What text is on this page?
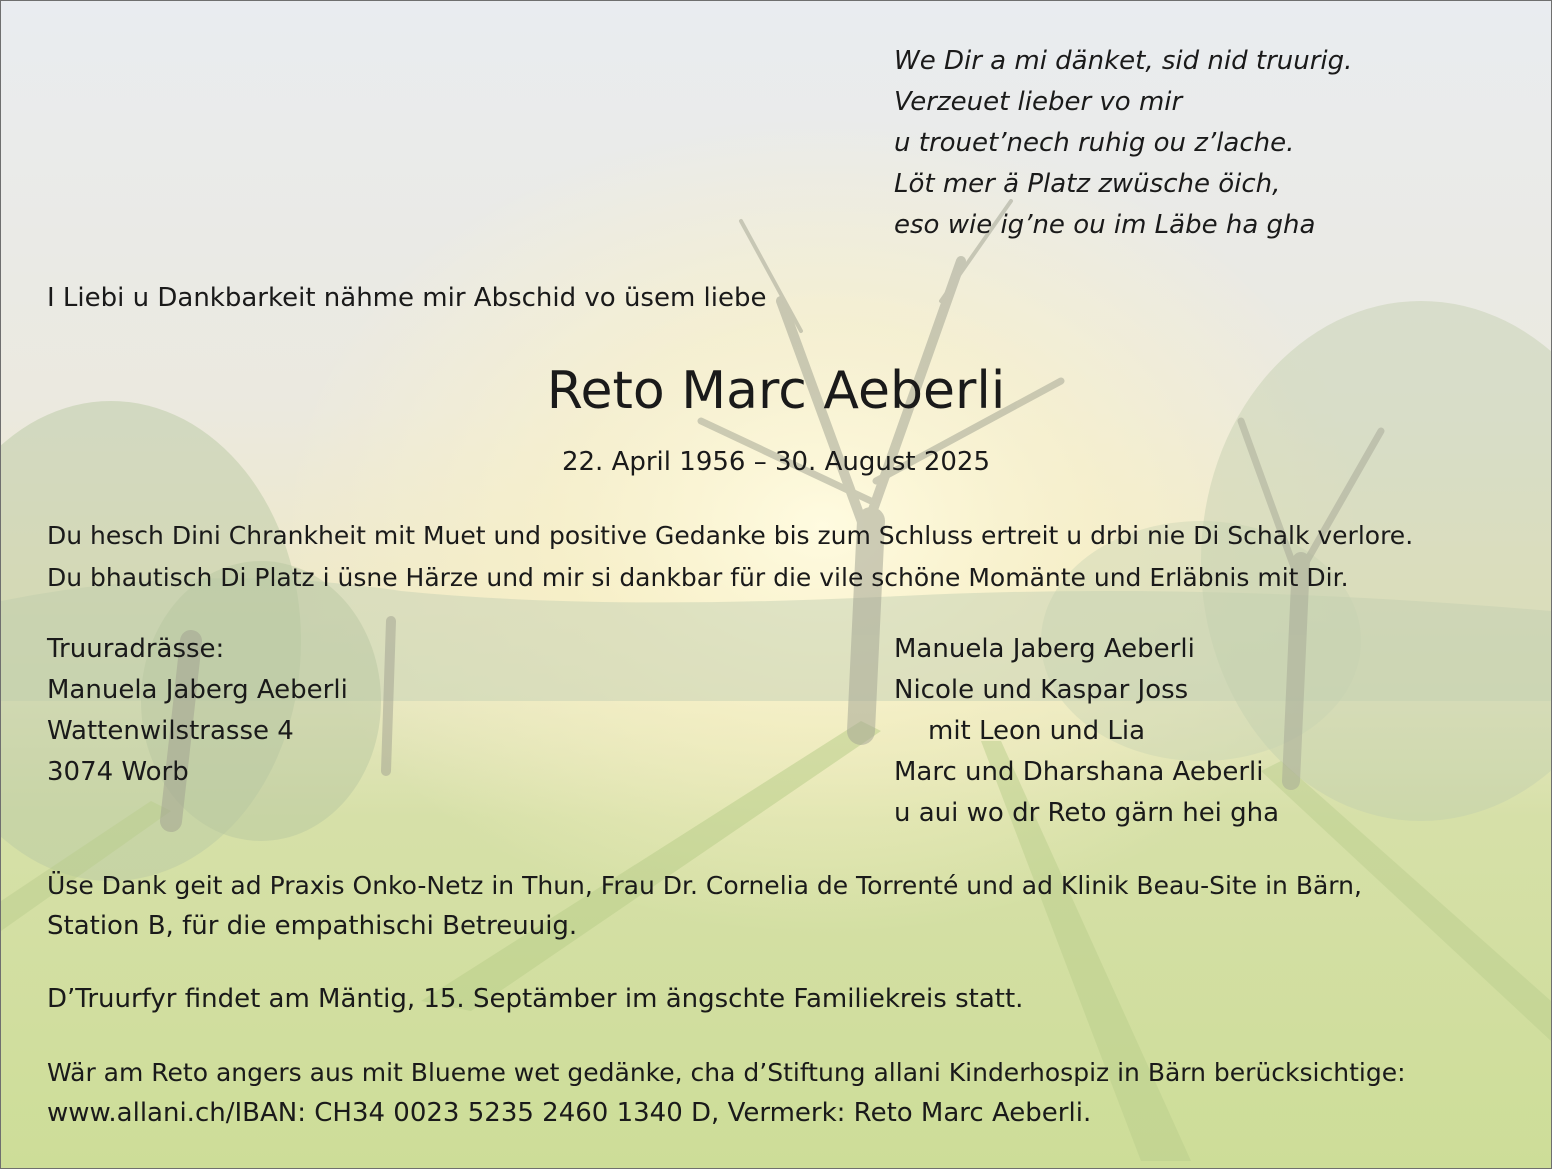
We Dir a mi dänket, sid nid truurig.
Verzeuet lieber vo mir
u trouet’nech ruhig ou z’lache.
Löt mer ä Platz zwüsche öich,
eso wie ig’ne ou im Läbe ha gha
I Liebi u Dankbarkeit nähme mir Abschid vo üsem liebe
Reto Marc Aeberli
22. April 1956 – 30. August 2025
Du hesch Dini Chrankheit mit Muet und positive Gedanke bis zum Schluss ertreit u drbi nie Di Schalk verlore.
Du bhautisch Di Platz i üsne Härze und mir si dankbar für die vile schöne Momänte und Erläbnis mit Dir.
Truuradrässe:
Manuela Jaberg Aeberli
Wattenwilstrasse 4
3074 Worb
Manuela Jaberg Aeberli
Nicole und Kaspar Joss
mit Leon und Lia
Marc und Dharshana Aeberli
u aui wo dr Reto gärn hei gha
Üse Dank geit ad Praxis Onko-Netz in Thun, Frau Dr. Cornelia de Torrenté und ad Klinik Beau-Site in Bärn,
Station B, für die empathischi Betreuuig.
D’Truurfyr findet am Mäntig, 15. Septämber im ängschte Familiekreis statt.
Wär am Reto angers aus mit Blueme wet gedänke, cha d’Stiftung allani Kinderhospiz in Bärn berücksichtige:
www.allani.ch/IBAN: CH34 0023 5235 2460 1340 D, Vermerk: Reto Marc Aeberli.
